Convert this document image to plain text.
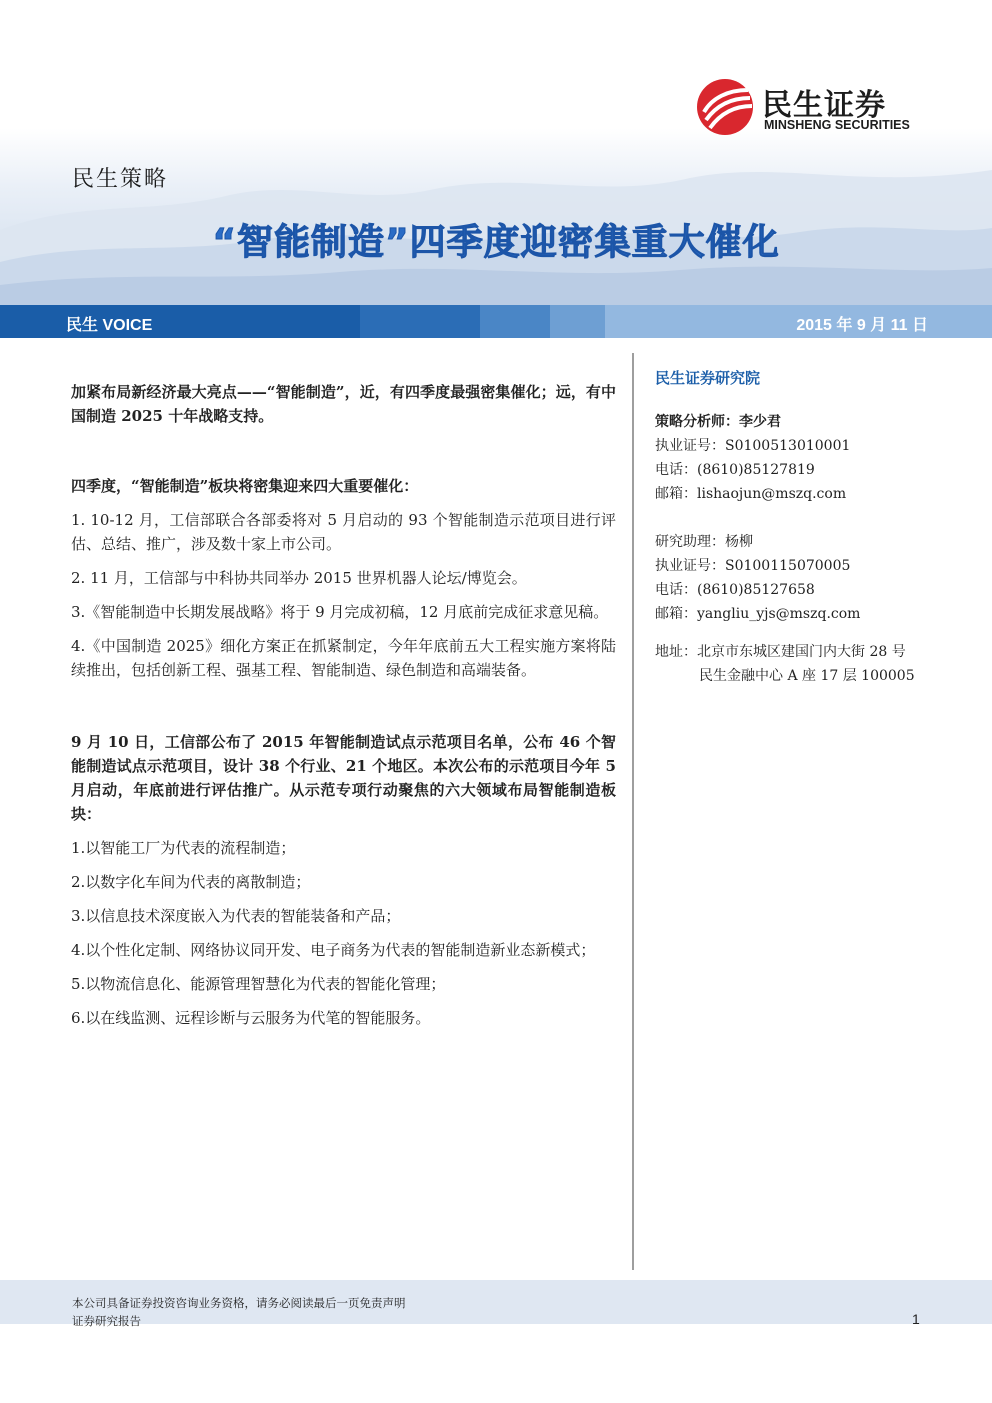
民生证券
MINSHENG SECURITIES
民生策略
“智能制造”四季度迎密集重大催化
民生 VOICE	2015 年 9 月 11 日

加紧布局新经济最大亮点——“智能制造”，近，有四季度最强密集催化；远，有中国制造 2025 十年战略支持。

四季度，“智能制造”板块将密集迎来四大重要催化：

1. 10-12 月，工信部联合各部委将对 5 月启动的 93 个智能制造示范项目进行评估、总结、推广，涉及数十家上市公司。

2. 11 月，工信部与中科协共同举办 2015 世界机器人论坛/博览会。

3.《智能制造中长期发展战略》将于 9 月完成初稿，12 月底前完成征求意见稿。

4.《中国制造 2025》细化方案正在抓紧制定，今年年底前五大工程实施方案将陆续推出，包括创新工程、强基工程、智能制造、绿色制造和高端装备。

9 月 10 日，工信部公布了 2015 年智能制造试点示范项目名单，公布 46 个智能制造试点示范项目，设计 38 个行业、21 个地区。本次公布的示范项目今年 5 月启动，年底前进行评估推广。从示范专项行动聚焦的六大领域布局智能制造板块：

1.以智能工厂为代表的流程制造；

2.以数字化车间为代表的离散制造；

3.以信息技术深度嵌入为代表的智能装备和产品；

4.以个性化定制、网络协议同开发、电子商务为代表的智能制造新业态新模式；

5.以物流信息化、能源管理智慧化为代表的智能化管理；

6.以在线监测、远程诊断与云服务为代笔的智能服务。

民生证券研究院
策略分析师：李少君
执业证号：S0100513010001
电话：(8610)85127819
邮箱：lishaojun@mszq.com
研究助理：杨柳
执业证号：S0100115070005
电话：(8610)85127658
邮箱：yangliu_yjs@mszq.com
地址：北京市东城区建国门内大街 28 号
民生金融中心 A 座 17 层 100005
本公司具备证券投资咨询业务资格，请务必阅读最后一页免责声明
证券研究报告	1
